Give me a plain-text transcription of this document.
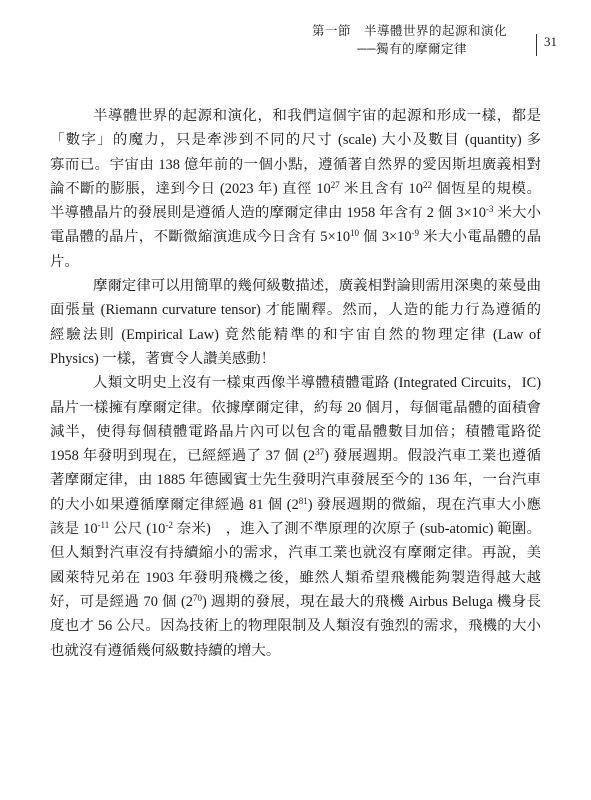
第一節　半導體世界的起源和演化
──獨有的摩爾定律
	31
半導體世界的起源和演化，和我們這個宇宙的起源和形成一樣，都是
「數字」的魔力，只是牽涉到不同的尺寸 (scale) 大小及數目 (quantity) 多
寡而已。宇宙由 138 億年前的一個小點，遵循著自然界的愛因斯坦廣義相對
論不斷的膨脹，達到今日 (2023 年) 直徑 $10^{27}$ 米且含有 $10^{22}$ 個恆星的規模。
半導體晶片的發展則是遵循人造的摩爾定律由 1958 年含有 2 個 $3\times 10^{-3}$ 米大小
電晶體的晶片，不斷微縮演進成今日含有 $5\times 10^{10}$ 個 $3\times 10^{-9}$ 米大小電晶體的晶
片。
摩爾定律可以用簡單的幾何級數描述，廣義相對論則需用深奧的萊曼曲
面張量 (Riemann curvature tensor) 才能闡釋。然而，人造的能力行為遵循的
經驗法則 (Empirical Law) 竟然能精準的和宇宙自然的物理定律 (Law of
Physics) 一樣，著實令人讚美感動！
人類文明史上沒有一樣東西像半導體積體電路 (Integrated Circuits，IC)
晶片一樣擁有摩爾定律。依據摩爾定律，約每 20 個月，每個電晶體的面積會
減半，使得每個積體電路晶片內可以包含的電晶體數目加倍；積體電路從
1958 年發明到現在，已經經過了 37 個 $(2^{37})$ 發展週期。假設汽車工業也遵循
著摩爾定律，由 1885 年德國賓士先生發明汽車發展至今的 136 年，一台汽車
的大小如果遵循摩爾定律經過 81 個 $(2^{81})$ 發展週期的微縮，現在汽車大小應
該是 $10^{-11}$ 公尺 ($10^{-2}$ 奈米)　，進入了測不準原理的次原子 (sub-atomic) 範圍。
但人類對汽車沒有持續縮小的需求，汽車工業也就沒有摩爾定律。再說，美
國萊特兄弟在 1903 年發明飛機之後，雖然人類希望飛機能夠製造得越大越
好，可是經過 70 個 $(2^{70})$ 週期的發展，現在最大的飛機 Airbus Beluga 機身長
度也才 56 公尺。因為技術上的物理限制及人類沒有強烈的需求，飛機的大小
也就沒有遵循幾何級數持續的增大。
